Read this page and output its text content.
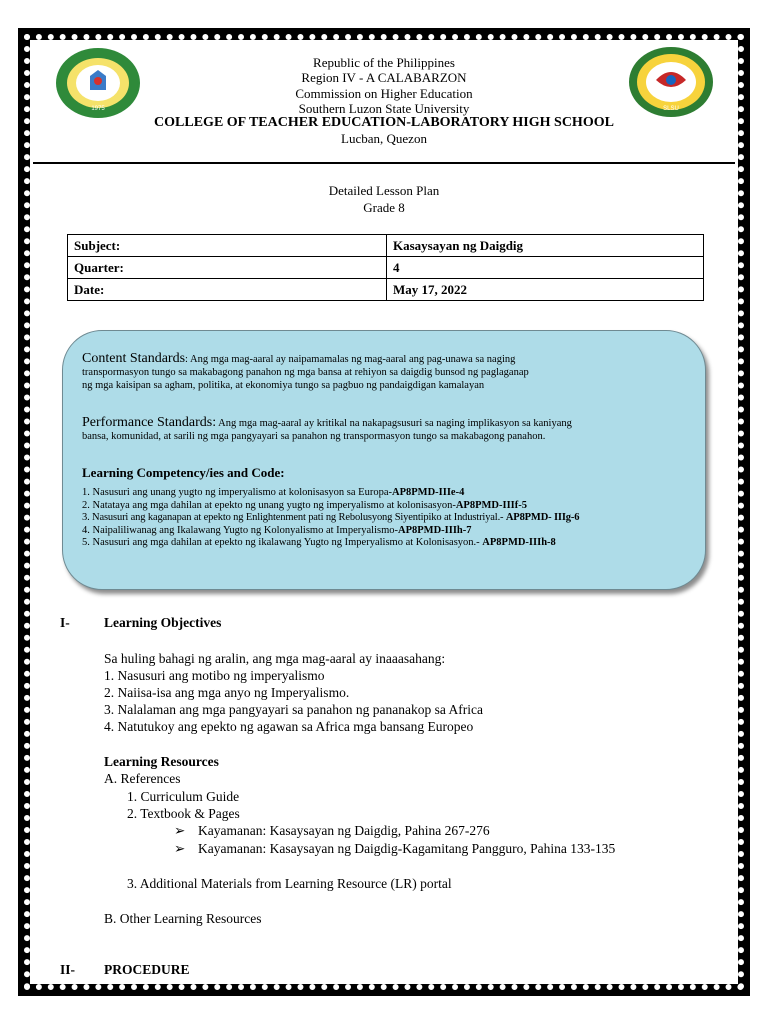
1975	SLSU
Republic of the Philippines
Region IV - A CALABARZON
Commission on Higher Education
Southern Luzon State University
COLLEGE OF TEACHER EDUCATION-LABORATORY HIGH SCHOOL
Lucban, Quezon
Detailed Lesson Plan
Grade 8
Subject:	Kasaysayan ng Daigdig
Quarter:	4
Date:	May 17, 2022
Content Standards: Ang mga mag-aaral ay naipamamalas ng mag-aaral ang pag-unawa sa naging
transpormasyon tungo sa makabagong panahon ng mga bansa at rehiyon sa daigdig bunsod ng paglaganap
ng mga kaisipan sa agham, politika, at ekonomiya tungo sa pagbuo ng pandaigdigan kamalayan
Performance Standards: Ang mga mag-aaral ay kritikal na nakapagsusuri sa naging implikasyon sa kaniyang
bansa, komunidad, at sarili ng mga pangyayari sa panahon ng transpormasyon tungo sa makabagong panahon.
Learning Competency/ies and Code:
1. Nasusuri ang unang yugto ng imperyalismo at kolonisasyon sa Europa-AP8PMD-IIIe-4
2. Natataya ang mga dahilan at epekto ng unang yugto ng imperyalismo at kolonisasyon-AP8PMD-IIIf-5
3. Nasusuri ang kaganapan at epekto ng Enlightenment pati ng Rebolusyong Siyentipiko at Industriyal.- AP8PMD- IIIg-6
4. Naipaliliwanag ang Ikalawang Yugto ng Kolonyalismo at Imperyalismo-AP8PMD-IIIh-7
5. Nasusuri ang mga dahilan at epekto ng ikalawang Yugto ng Imperyalismo at Kolonisasyon.- AP8PMD-IIIh-8
I-	Learning Objectives
Sa huling bahagi ng aralin, ang mga mag-aaral ay inaaasahang:
1. Nasusuri ang motibo ng imperyalismo
2. Naiisa-isa ang mga anyo ng Imperyalismo.
3. Nalalaman ang mga pangyayari sa panahon ng pananakop sa Africa
4. Natutukoy ang epekto ng agawan sa Africa mga bansang Europeo
Learning Resources
A. References
1. Curriculum Guide
2. Textbook & Pages
➢ Kayamanan: Kasaysayan ng Daigdig, Pahina 267-276
➢ Kayamanan: Kasaysayan ng Daigdig-Kagamitang Pangguro, Pahina 133-135
3. Additional Materials from Learning Resource (LR) portal
B. Other Learning Resources
II- PROCEDURE
